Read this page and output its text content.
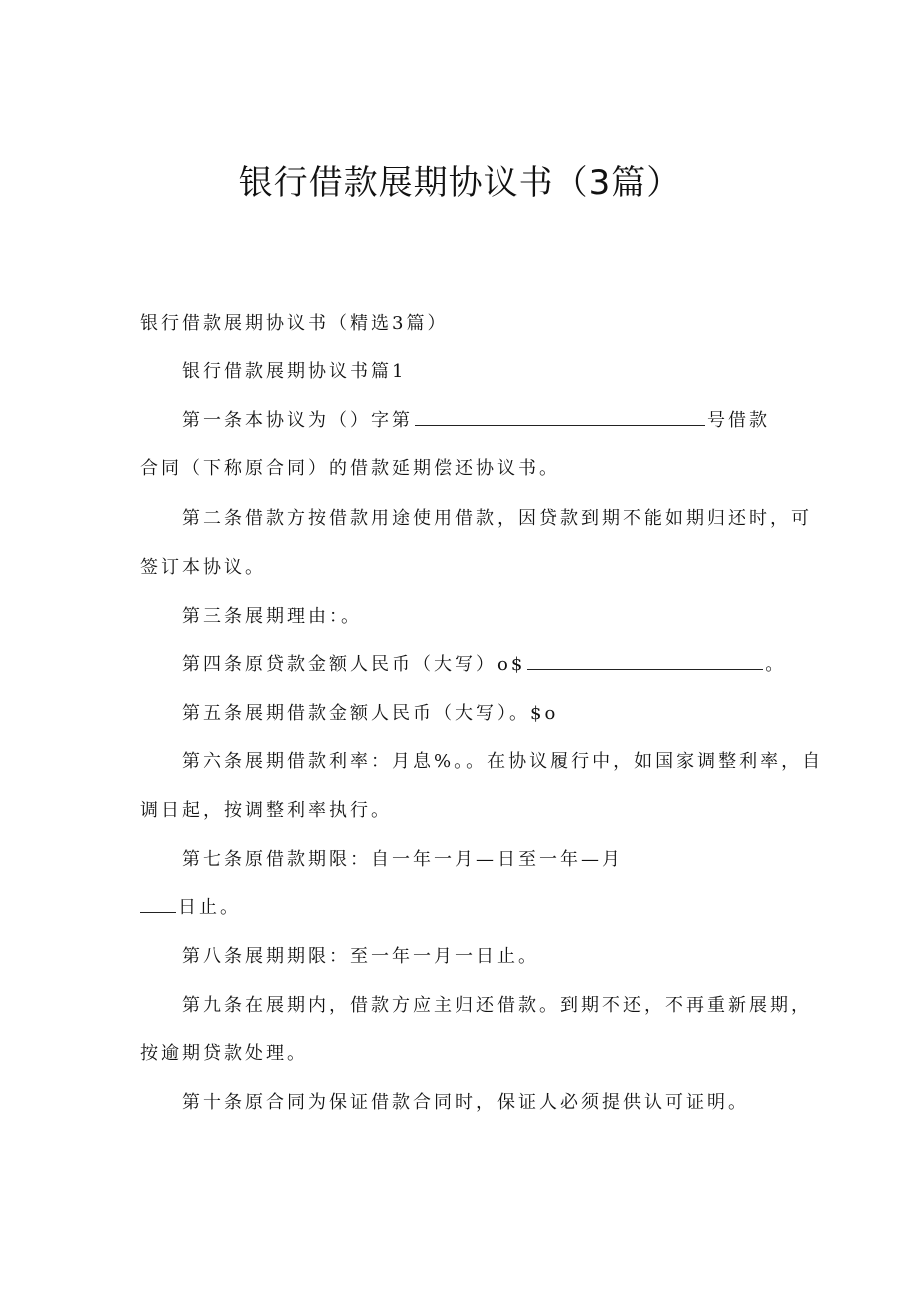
银行借款展期协议书（3篇）
银行借款展期协议书（精选3篇）
银行借款展期协议书篇1
第一条本协议为（）字第	号借款
合同（下称原合同）的借款延期偿还协议书。
第二条借款方按借款用途使用借款，因贷款到期不能如期归还时，可
签订本协议。
第三条展期理由：。
第四条原贷款金额人民币（大写）o$	。
第五条展期借款金额人民币（大写）。$o
第六条展期借款利率：月息%。。在协议履行中，如国家调整利率，自
调日起，按调整利率执行。
第七条原借款期限：自一年一月—日至一年—月
日止。
第八条展期期限：至一年一月一日止。
第九条在展期内，借款方应主归还借款。到期不还，不再重新展期，
按逾期贷款处理。
第十条原合同为保证借款合同时，保证人必须提供认可证明。
